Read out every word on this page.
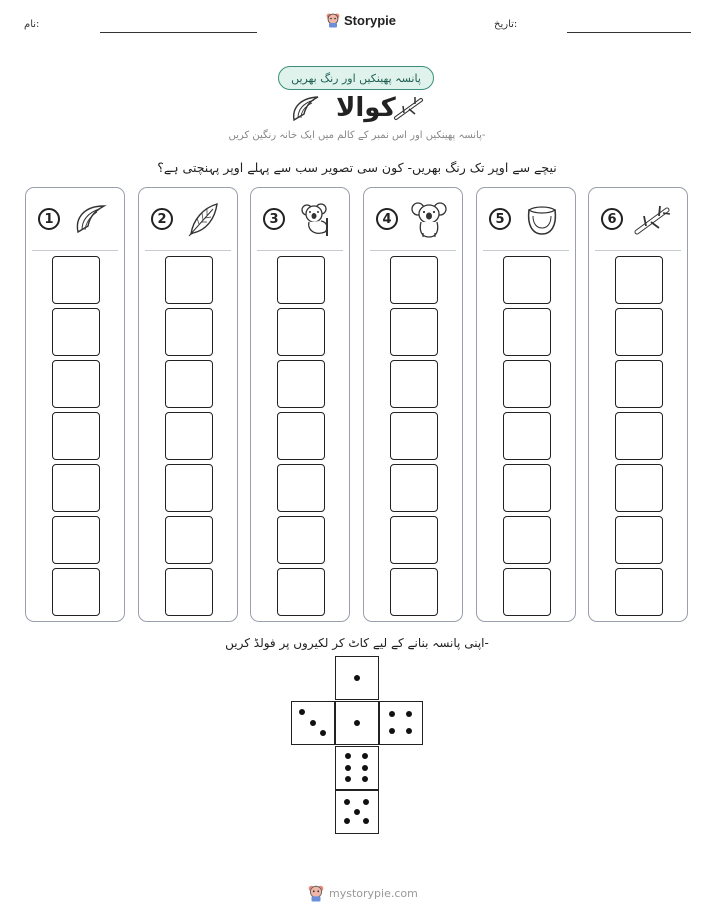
نام:	Storypie	تاریخ:
پانسہ پھینکیں اور رنگ بھریں
کوالا
پانسہ پھینکیں اور اس نمبر کے کالم میں ایک خانہ رنگین کریں-
نیچے سے اوپر تک رنگ بھریں- کون سی تصویر سب سے پہلے اوپر پہنچتی ہے؟
1	2	3	4	5	6
اپنی پانسہ بنانے کے لیے کاٹ کر لکیروں پر فولڈ کریں-
mystorypie.com
